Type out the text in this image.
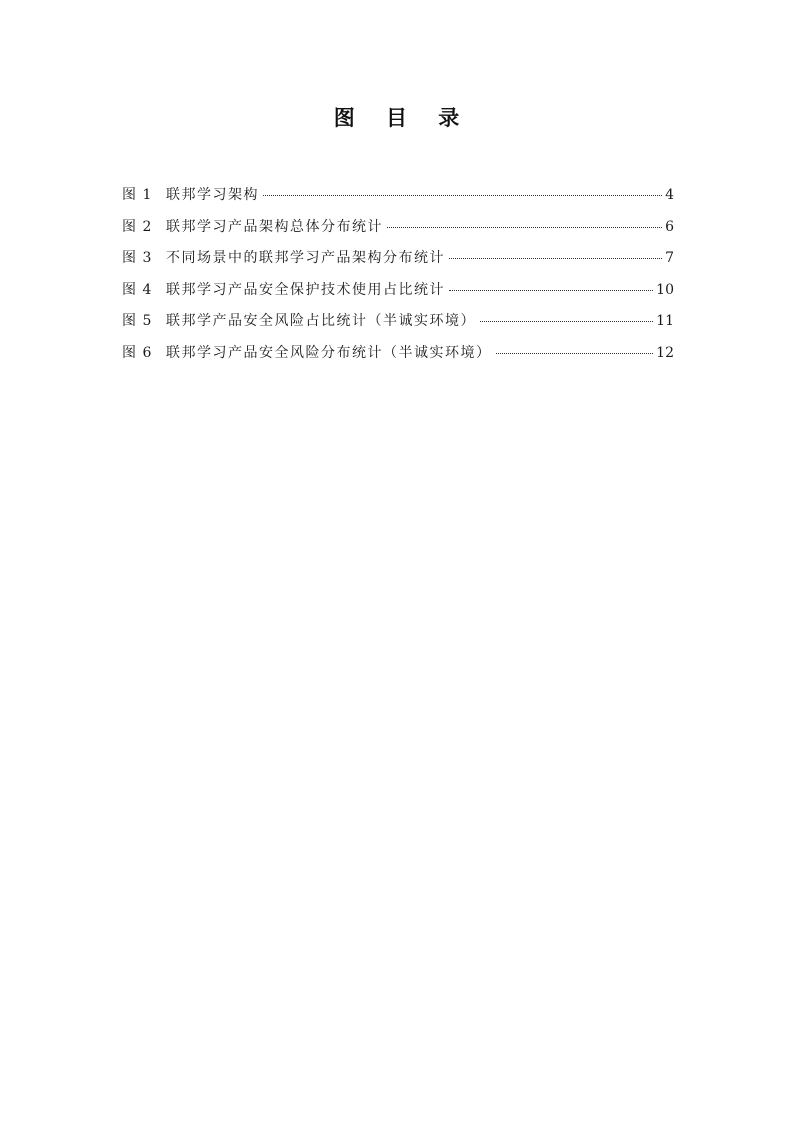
图 目 录
图 1 联邦学习架构	4
图 2 联邦学习产品架构总体分布统计	6
图 3 不同场景中的联邦学习产品架构分布统计	7
图 4 联邦学习产品安全保护技术使用占比统计	10
图 5 联邦学产品安全风险占比统计（半诚实环境）	11
图 6 联邦学习产品安全风险分布统计（半诚实环境）	12
